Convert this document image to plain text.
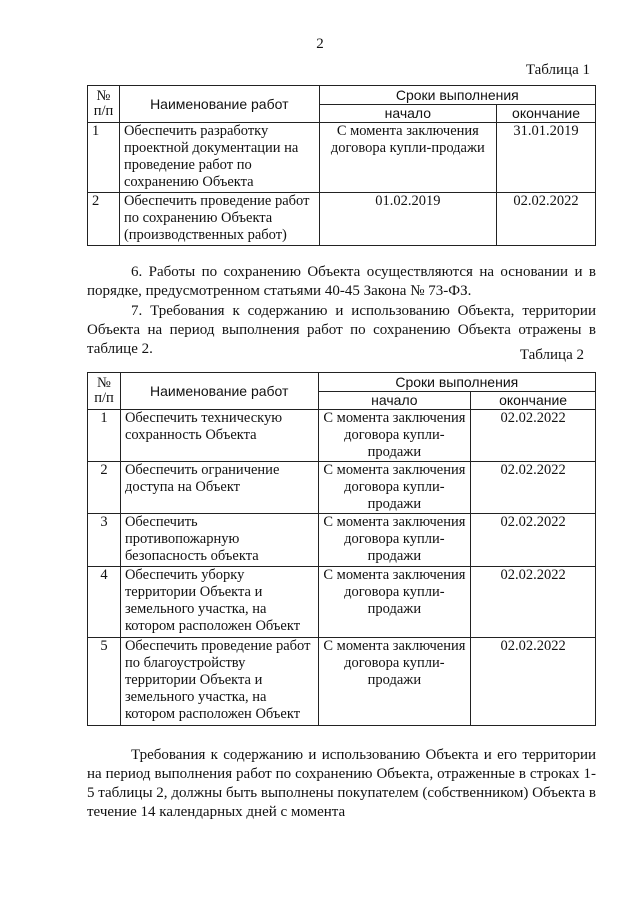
2
Таблица 1
№ п/п	Наименование работ	Сроки выполнения	
		начало	окончание
1	Обеспечить разработку проектной документации на проведение работ по сохранению Объекта	С момента заключения договора купли-продажи	31.01.2019
2	Обеспечить проведение работ по сохранению Объекта (производственных работ)	01.02.2019	02.02.2022

6. Работы по сохранению Объекта осуществляются на основании и в порядке, предусмотренном статьями 40-45 Закона № 73-ФЗ.

7. Требования к содержанию и использованию Объекта, территории Объекта на период выполнения работ по сохранению Объекта отражены в таблице 2.	Таблица 2
№ п/п	Наименование работ	Сроки выполнения	
		начало	окончание
1	Обеспечить техническую сохранность Объекта	С момента заключения договора купли-продажи	02.02.2022
2	Обеспечить ограничение доступа на Объект	С момента заключения договора купли-продажи	02.02.2022
3	Обеспечить противопожарную безопасность объекта	С момента заключения договора купли-продажи	02.02.2022
4	Обеспечить уборку территории Объекта и земельного участка, на котором расположен Объект	С момента заключения договора купли-продажи	02.02.2022
5	Обеспечить проведение работ по благоустройству территории Объекта и земельного участка, на котором расположен Объект	С момента заключения договора купли-продажи	02.02.2022

Требования к содержанию и использованию Объекта и его территории на период выполнения работ по сохранению Объекта, отраженные в строках 1-5 таблицы 2, должны быть выполнены покупателем (собственником) Объекта в течение 14 календарных дней с момента
